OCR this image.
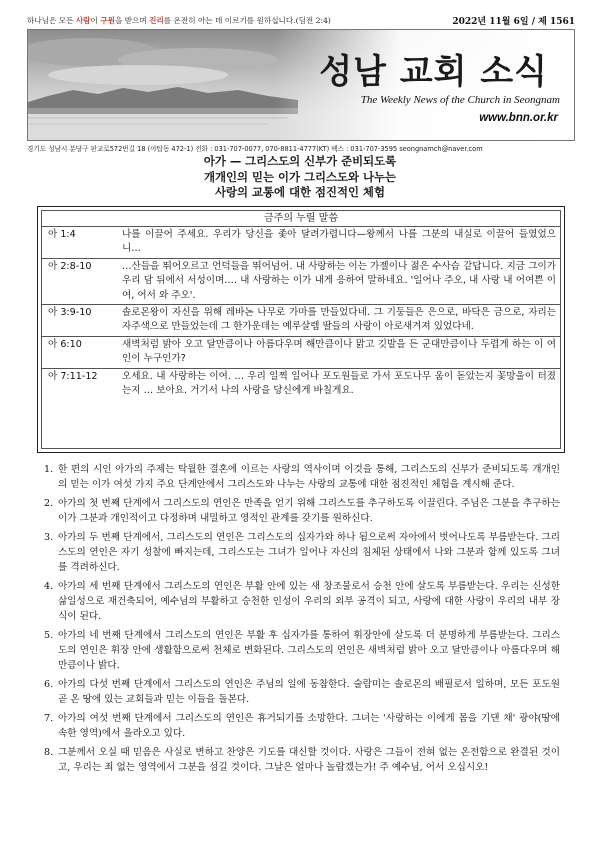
하나님은 모든 사람이 구원을 받으며 진리를 온전히 아는 데 이르기를 원하십니다.(딤전 2:4)	2022년 11월 6일 / 제 1561
성남 교회 소식
The Weekly News of the Church in Seongnam
www.bnn.or.kr
경기도 성남시 분당구 판교로572번길 18 (야탑동 472-1) 전화 : 031-707-0077, 070-8811-4777(KT) 팩스 : 031-707-3595 seongnamch@naver.com
아가 — 그리스도의 신부가 준비되도록
개개인의 믿는 이가 그리스도와 나누는
사랑의 교통에 대한 점진적인 체험
금주의 누릴 말씀
아 1:4	나를 이끌어 주세요. 우리가 당신을 좇아 달려가렵니다—왕께서 나를 그분의 내실로 이끌어 들였었으니…
아 2:8-10	…산들을 뛰어오르고 언덕들을 뛰어넘어. 내 사랑하는 이는 가젤이나 젊은 수사슴 같답니다. 지금 그이가 우리 담 뒤에서 서성이며…. 내 사랑하는 이가 내게 응하여 말하네요. '일어나 주오, 내 사랑 내 어여쁜 이여, 어서 와 주오'.
아 3:9-10	솔로몬왕이 자신을 위해 레바논 나무로 가마를 만들었다네. 그 기둥들은 은으로, 바닥은 금으로, 자리는 자주색으로 만들었는데 그 한가운데는 예루살렘 딸들의 사랑이 아로새겨져 있었다네.
아 6:10	새벽처럼 밝아 오고 달만큼이나 아름다우며 해만큼이나 맑고 깃발을 든 군대만큼이나 두렵게 하는 이 여인이 누구인가?
아 7:11-12	오세요. 내 사랑하는 이여. … 우리 일찍 일어나 포도원들로 가서 포도나무 움이 돋았는지 꽃망울이 터졌는지 … 보아요. 거기서 나의 사랑을 당신에게 바칠게요.
1. 한 편의 시인 아가의 주제는 탁월한 결혼에 이르는 사랑의 역사이며 이것을 통해, 그리스도의 신부가 준비되도록 개개인의 믿는 이가 여섯 가지 주요 단계안에서 그리스도와 나누는 사랑의 교통에 대한 점진적인 체험을 계시해 준다.
2. 아가의 첫 번째 단계에서 그리스도의 연인은 만족을 얻기 위해 그리스도를 추구하도록 이끌린다. 주님은 그분을 추구하는 이가 그분과 개인적이고 다정하며 내밀하고 영적인 관계를 갖기를 원하신다.
3. 아가의 두 번째 단계에서, 그리스도의 연인은 그리스도의 십자가와 하나 됨으로써 자아에서 벗어나도록 부름받는다. 그리스도의 연인은 자기 성찰에 빠지는데, 그리스도는 그녀가 일어나 자신의 침체된 상태에서 나와 그분과 함께 있도록 그녀를 격려하신다.
4. 아가의 세 번째 단계에서 그리스도의 연인은 부활 안에 있는 새 창조물로서 승천 안에 살도록 부름받는다. 우리는 신성한 삶일성으로 재건축되어, 예수님의 부활하고 승천한 인성이 우리의 외부 공격이 되고, 사랑에 대한 사랑이 우리의 내부 장식이 된다.
5. 아가의 네 번째 단계에서 그리스도의 연인은 부활 후 십자가를 통하여 휘장안에 살도록 더 분명하게 부름받는다. 그리스도의 연인은 휘장 안에 생활함으로써 천체로 변화된다. 그리스도의 연인은 새벽처럼 밝아 오고 달만큼이나 아름다우며 해만큼이나 밝다.
6. 아가의 다섯 번째 단계에서 그리스도의 연인은 주님의 일에 동참한다. 술람미는 솔로몬의 배필로서 일하며, 모든 포도원 곧 온 땅에 있는 교회들과 믿는 이들을 돌본다.
7. 아가의 여섯 번째 단계에서 그리스도의 연인은 휴거되기를 소망한다. 그녀는 '사랑하는 이에게 몸을 기댄 채' 광야(땅에 속한 영역)에서 올라오고 있다.
8. 그분께서 오실 때 믿음은 사실로 변하고 찬양은 기도를 대신할 것이다. 사랑은 그들이 전혀 없는 온전함으로 완결된 것이고, 우리는 죄 없는 영역에서 그분을 섬길 것이다. 그날은 얼마나 놀랍겠는가! 주 예수님, 어서 오십시오!
